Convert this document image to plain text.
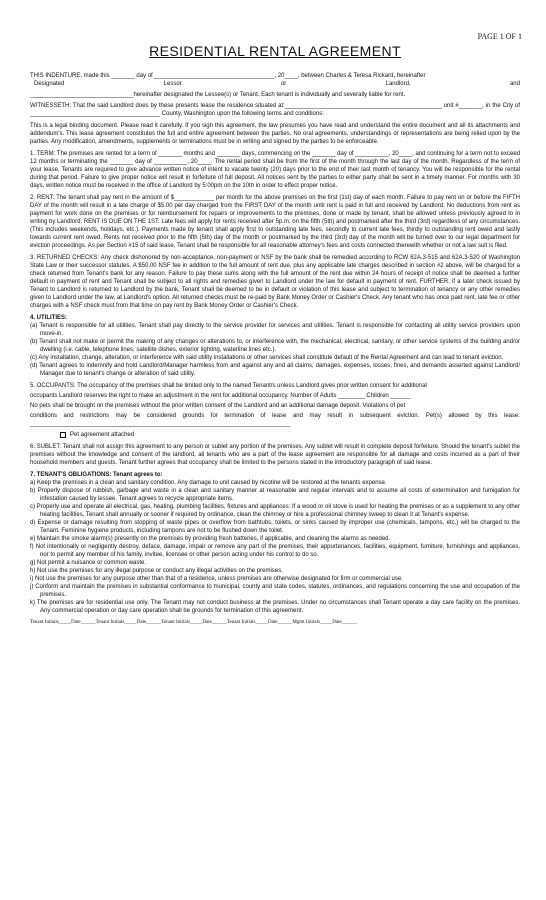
PAGE 1 OF 1
RESIDENTIAL RENTAL AGREEMENT

THIS INDENTURE, made this _______ day of ____________________________________, 20____, between Charles & Teresa Rickard, hereinafter

Designated	Lessor	or	Landlord,	and

_______________________________hereinafter designated the Lessee(s) or Tenant. Each tenant is individually and severally liable for rent.

WITNESSETH: That the said Landlord does by these presents lease the residence situated at:_______________________________________________ unit #_______, in the City of _______________________________________ County, Washington upon the following terms and conditions:

This is a legal binding document. Please read it carefully. If you sign this agreement, the law presumes you have read and understand the entire document and all its attachments and addendum's. This lease agreement constitutes the full and entire agreement between the parties. No oral agreements, understandings or representations are being relied upon by the parties. Any modification, amendments, supplements or terminations must be in writing and signed by the parties to be enforceable.

1. TERM: The premises are rented for a term of _______ months and _______ days, commencing on the _______ day of __________, 20____, and continuing for a term not to exceed 12 months or terminating the _______ day of __________, 20____. The rental period shall be from the first of the month through the last day of the month. Regardless of the term of your lease, Tenants are required to give advance written notice of intent to vacate twenty (20) days prior to the end of their last month of tenancy. You will be responsible for the rental during that period. Failure to give proper notice will result in forfeiture of full deposit. All notices sent by the parties to either party shall be sent in a timely manner. For months with 30 days, written notice must be received in the office of Landlord by 5:00pm on the 10th in order to effect proper notice.

2. RENT: The tenant shall pay rent in the amount of $____________ per month for the above premises on the first (1st) day of each month. Failure to pay rent on or before the FIFTH DAY of the month will result in a late charge of $5.00 per day charged from the FIRST DAY of the month until rent is paid in full and received by Landlord. No deductions from rent as payment for work done on the premises or for reimbursement for repairs or improvements to the premises, done or made by tenant, shall be allowed unless previously agreed to in writing by Landlord. RENT IS DUE ON THE 1ST. Late fees will apply for rents received after 5p.m. on the fifth (5th) and postmarked after the third (3rd) regardless of any circumstances. (This includes weekends, holidays, etc.). Payments made by tenant shall apply first to outstanding late fees, secondly to current late fees, thirdly to outstanding rent owed and lastly towards current rent owed. Rents not received prior to the fifth (5th) day of the month or postmarked by the third (3rd) day of the month will be turned over to our legal department for eviction proceedings. As per Section #15 of said lease, Tenant shall be responsible for all reasonable attorney's fees and costs connected therewith whether or not a law suit is filed.

3. RETURNED CHECKS: Any check dishonored by non-acceptance, non-payment or NSF by the bank shall be remedied according to RCW 62A.3-515 and 62A.3-520 of Washington State Law or their successor statutes. A $50.00 NSF fee in addition to the full amount of rent due, plus any applicable late charges described in section #2 above, will be charged for a check returned from Tenant's bank for any reason. Failure to pay these sums along with the full amount of the rent due within 24 hours of receipt of notice shall be deemed a further default in payment of rent and Tenant shall be subject to all rights and remedies given to Landlord under the law for default in payment of rent. FURTHER, if a later check issued by Tenant to Landlord is returned to Landlord by the bank, Tenant shall be deemed to be in default or violation of this lease and subject to termination of tenancy or any other remedies given to Landlord under the law, at Landlord's option. All returned checks must be re-paid by Bank Money Order or Cashier's Check. Any tenant who has once paid rent, late fee or other charges with a NSF check must from that time on pay rent by Bank Money Order or Cashier's Check.

4. UTILITIES:
(a) Tenant is responsible for all utilities. Tenant shall pay directly to the service provider for services and utilities. Tenant is responsible for contacting all utility service providers upon move-in.
(b) Tenant shall not make or permit the making of any changes or alterations to, or interference with, the mechanical, electrical, sanitary, or other service systems of the building and/or dwelling (i.e. cable, telephone lines, satellite dishes, exterior lighting, waterline lines etc.).
(c) Any installation, change, alteration, or interference with said utility installations or other services shall constitute default of the Rental Agreement and can lead to tenant eviction.
(d) Tenant agrees to indemnify and hold Landlord/Manager harmless from and against any and all claims, damages, expenses, losses, fines, and demands asserted against Landlord/ Manager due to tenant's change or alteration of said utility.

5. OCCUPANTS: The occupancy of the premises shall be limited only to the named Tenant/s unless Landlord gives prior written consent for additional

occupants Landlord reserves the right to make an adjustment in the rent for additional occupancy. Number of Adults ________ Children ______

No pets shall be brought on the premises without the prior written consent of the Landlord and an additional damage deposit. Violations of pet

conditions and restrictions may be considered grounds for termination of lease and may result in subsequent eviction. Pet(s) allowed by this lease: ______________________________________________________________________________

Pet agreement attached

6. SUBLET: Tenant shall not assign this agreement to any person or sublet any portion of the premises. Any sublet will result in complete deposit forfeiture. Should the tenant's sublet the premises without the knowledge and consent of the landlord, all tenants who are a part of the lease agreement are responsible for all damage and costs incurred as a part of their household members and guests. Tenant further agrees that occupancy shall be limited to the persons stated in the introductory paragraph of said lease.

7. TENANT'S OBLIGATIONS: Tenant agrees to:
a) Keep the premises in a clean and sanitary condition. Any damage to unit caused by nicotine will be restored at the tenants expense.
b) Properly dispose of rubbish, garbage and waste in a clean and sanitary manner at reasonable and regular intervals and to assume all costs of extermination and fumigation for infestation caused by lessee. Tenant agrees to recycle appropriate items.
c) Properly use and operate all electrical, gas, heating, plumbing facilities, fixtures and appliances: If a wood or oil stove is used for heating the premises or as a supplement to any other heating facilities, Tenant shall annually or sooner if required by ordinance, clean the chimney or hire a professional chimney sweep to clean it at Tenant's expense.
d) Expense or damage resulting from stopping of waste pipes or overflow from bathtubs, toilets, or sinks caused by improper use (chemicals, tampons, etc.) will be charged to the Tenant. Feminine hygiene products, including tampons are not to be flushed down the toilet.
e) Maintain the smoke alarm(s) presently on the premises by providing fresh batteries, if applicable, and cleaning the alarms as needed.
f) Not intentionally or negligently destroy, deface, damage, impair or remove any part of the premises, their appurtenances, facilities, equipment, furniture, furnishings and appliances, nor to permit any member of his family, invitee, licensee or other person acting under his control to do so.
g) Not permit a nuisance or common waste.
h) Not use the premises for any illegal purpose or conduct any illegal activities on the premises.
i) Not use the premises for any purpose other than that of a residence, unless premises are otherwise designated for firm or commercial use.
j) Conform and maintain the premises in substantial conformance to municipal, county and state codes, statutes, ordinances, and regulations concerning the use and occupation of the premises.
k) The premises are for residential use only. The Tenant may not conduct business at the premises. Under no circumstances shall Tenant operate a day care facility on the premises. Any commercial operation or day care operation shall be grounds for termination of this agreement.
Tenant Initials_____Date______Tenant Initials_____Date______Tenant Initials_____Date______Tenant Initials_____Date______Mgmt Initials_____Date______
